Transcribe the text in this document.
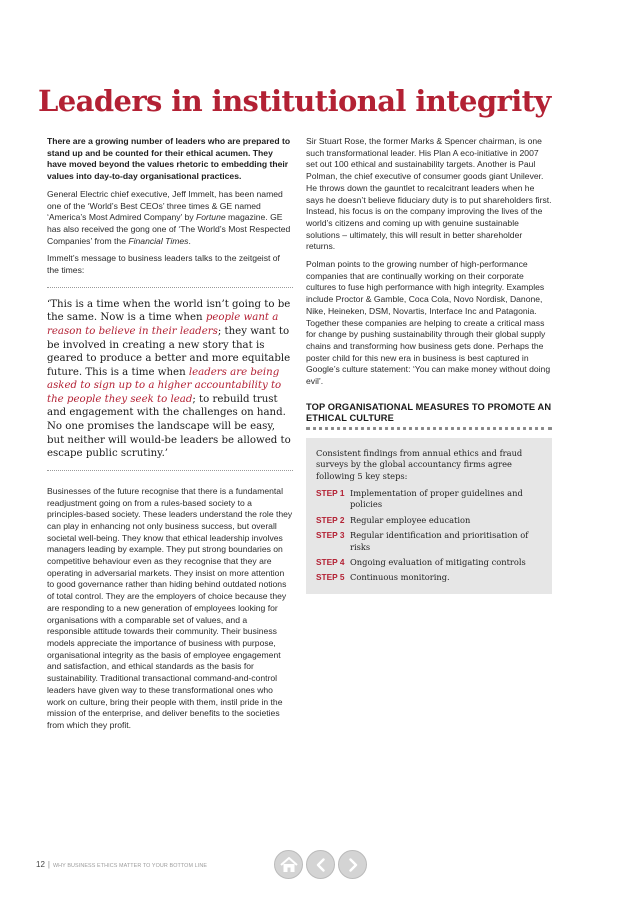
Leaders in institutional integrity

There are a growing number of leaders who are prepared to stand up and be counted for their ethical acumen. They have moved beyond the values rhetoric to embedding their values into day-to-day organisational practices.

General Electric chief executive, Jeff Immelt, has been named one of the ‘World’s Best CEOs’ three times & GE named ‘America’s Most Admired Company’ by Fortune magazine. GE has also received the gong one of ‘The World’s Most Respected Companies’ from the Financial Times.

Immelt’s message to business leaders talks to the zeitgeist of the times:

‘This is a time when the world isn’t going to be the same. Now is a time when people want a reason to believe in their leaders; they want to be involved in creating a new story that is geared to produce a better and more equitable future. This is a time when leaders are being asked to sign up to a higher accountability to the people they seek to lead; to rebuild trust and engagement with the challenges on hand. No one promises the landscape will be easy, but neither will would-be leaders be allowed to escape public scrutiny.’

Businesses of the future recognise that there is a fundamental readjustment going on from a rules-based society to a principles-based society. These leaders understand the role they can play in enhancing not only business success, but overall societal well-being. They know that ethical leadership involves managers leading by example. They put strong boundaries on competitive behaviour even as they recognise that they are operating in adversarial markets. They insist on more attention to good governance rather than hiding behind outdated notions of total control. They are the employers of choice because they are responding to a new generation of employees looking for organisations with a comparable set of values, and a responsible attitude towards their community. Their business models appreciate the importance of business with purpose, organisational integrity as the basis of employee engagement and satisfaction, and ethical standards as the basis for sustainability. Traditional transactional command-and-control leaders have given way to these transformational ones who work on culture, bring their people with them, instil pride in the mission of the enterprise, and deliver benefits to the societies from which they profit.

Sir Stuart Rose, the former Marks & Spencer chairman, is one such transformational leader. His Plan A eco-initiative in 2007 set out 100 ethical and sustainability targets. Another is Paul Polman, the chief executive of consumer goods giant Unilever. He throws down the gauntlet to recalcitrant leaders when he says he doesn’t believe fiduciary duty is to put shareholders first. Instead, his focus is on the company improving the lives of the world’s citizens and coming up with genuine sustainable solutions – ultimately, this will result in better shareholder returns.

Polman points to the growing number of high-performance companies that are continually working on their corporate cultures to fuse high performance with high integrity. Examples include Proctor & Gamble, Coca Cola, Novo Nordisk, Danone, Nike, Heineken, DSM, Novartis, Interface Inc and Patagonia. Together these companies are helping to create a critical mass for change by pushing sustainability through their global supply chains and transforming how business gets done. Perhaps the poster child for this new era in business is best captured in Google’s culture statement: ‘You can make money without doing evil’.

TOP ORGANISATIONAL MEASURES TO PROMOTE AN ETHICAL CULTURE

Consistent findings from annual ethics and fraud surveys by the global accountancy firms agree following 5 key steps:

STEP 1 Implementation of proper guidelines and policies
STEP 2 Regular employee education
STEP 3 Regular identification and prioritisation of risks
STEP 4 Ongoing evaluation of mitigating controls
STEP 5 Continuous monitoring.
12 | WHY BUSINESS ETHICS MATTER TO YOUR BOTTOM LINE
